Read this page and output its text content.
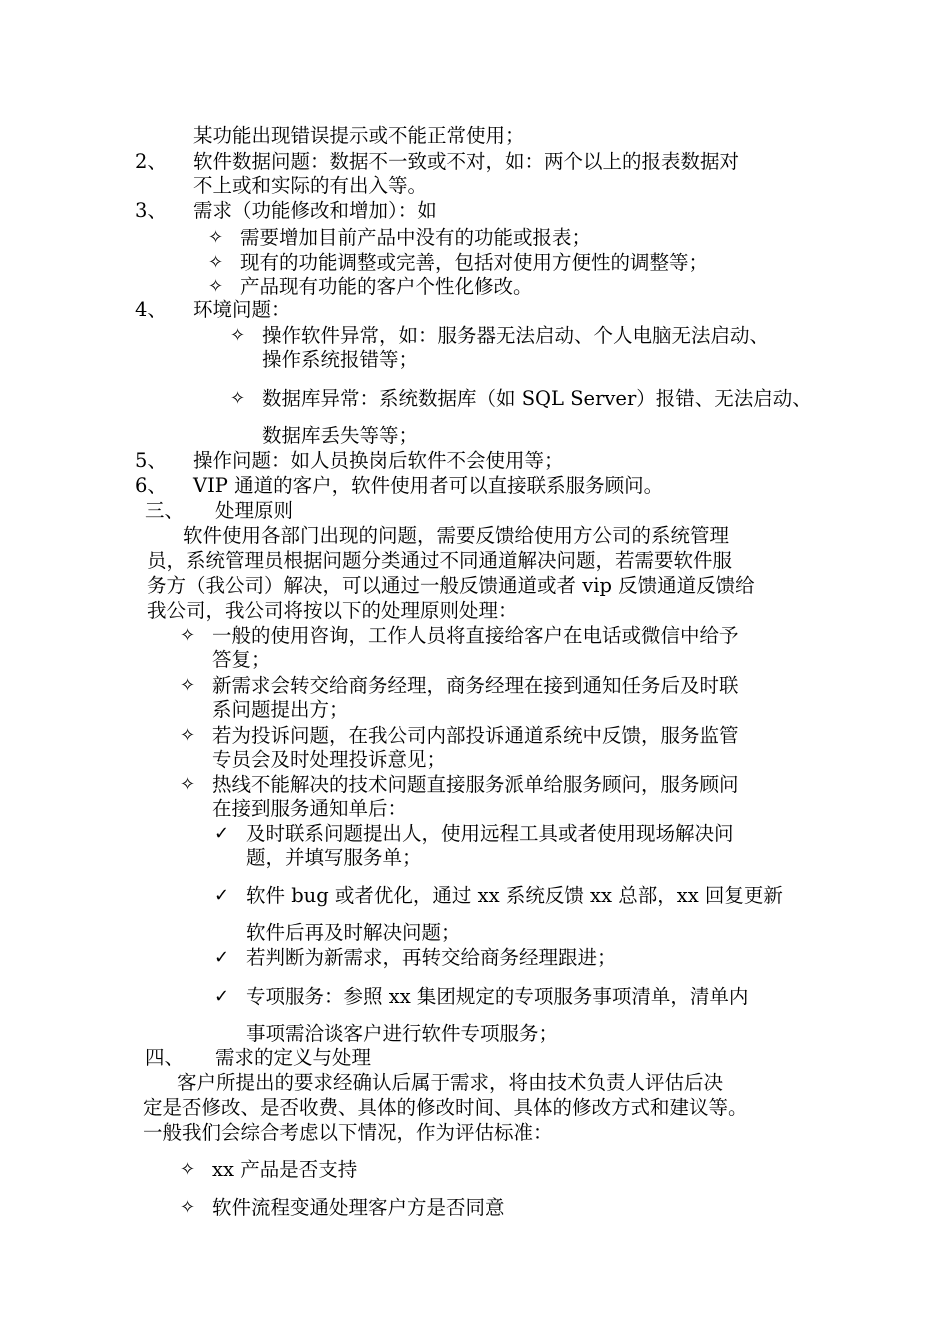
某功能出现错误提示或不能正常使用；
2、 软件数据问题：数据不一致或不对，如：两个以上的报表数据对
不上或和实际的有出入等。
3、 需求（功能修改和增加）：如
✧ 需要增加目前产品中没有的功能或报表；
✧ 现有的功能调整或完善，包括对使用方便性的调整等；
✧ 产品现有功能的客户个性化修改。
4、 环境问题：
✧ 操作软件异常，如：服务器无法启动、个人电脑无法启动、
操作系统报错等；
✧ 数据库异常：系统数据库（如 SQL Server）报错、无法启动、
数据库丢失等等；
5、 操作问题：如人员换岗后软件不会使用等；
6、 VIP 通道的客户，软件使用者可以直接联系服务顾问。
三、 处理原则
软件使用各部门出现的问题，需要反馈给使用方公司的系统管理
员，系统管理员根据问题分类通过不同通道解决问题，若需要软件服
务方（我公司）解决，可以通过一般反馈通道或者 vip 反馈通道反馈给
我公司，我公司将按以下的处理原则处理：
✧ 一般的使用咨询，工作人员将直接给客户在电话或微信中给予
答复；
✧ 新需求会转交给商务经理，商务经理在接到通知任务后及时联
系问题提出方；
✧ 若为投诉问题，在我公司内部投诉通道系统中反馈，服务监管
专员会及时处理投诉意见；
✧ 热线不能解决的技术问题直接服务派单给服务顾问，服务顾问
在接到服务通知单后：
✓ 及时联系问题提出人，使用远程工具或者使用现场解决问
题，并填写服务单；
✓ 软件 bug 或者优化，通过 xx 系统反馈 xx 总部，xx 回复更新
软件后再及时解决问题；
✓ 若判断为新需求，再转交给商务经理跟进；
✓ 专项服务：参照 xx 集团规定的专项服务事项清单，清单内
事项需洽谈客户进行软件专项服务；
四、 需求的定义与处理
客户所提出的要求经确认后属于需求，将由技术负责人评估后决
定是否修改、是否收费、具体的修改时间、具体的修改方式和建议等。
一般我们会综合考虑以下情况，作为评估标准：
✧ xx 产品是否支持
✧ 软件流程变通处理客户方是否同意
